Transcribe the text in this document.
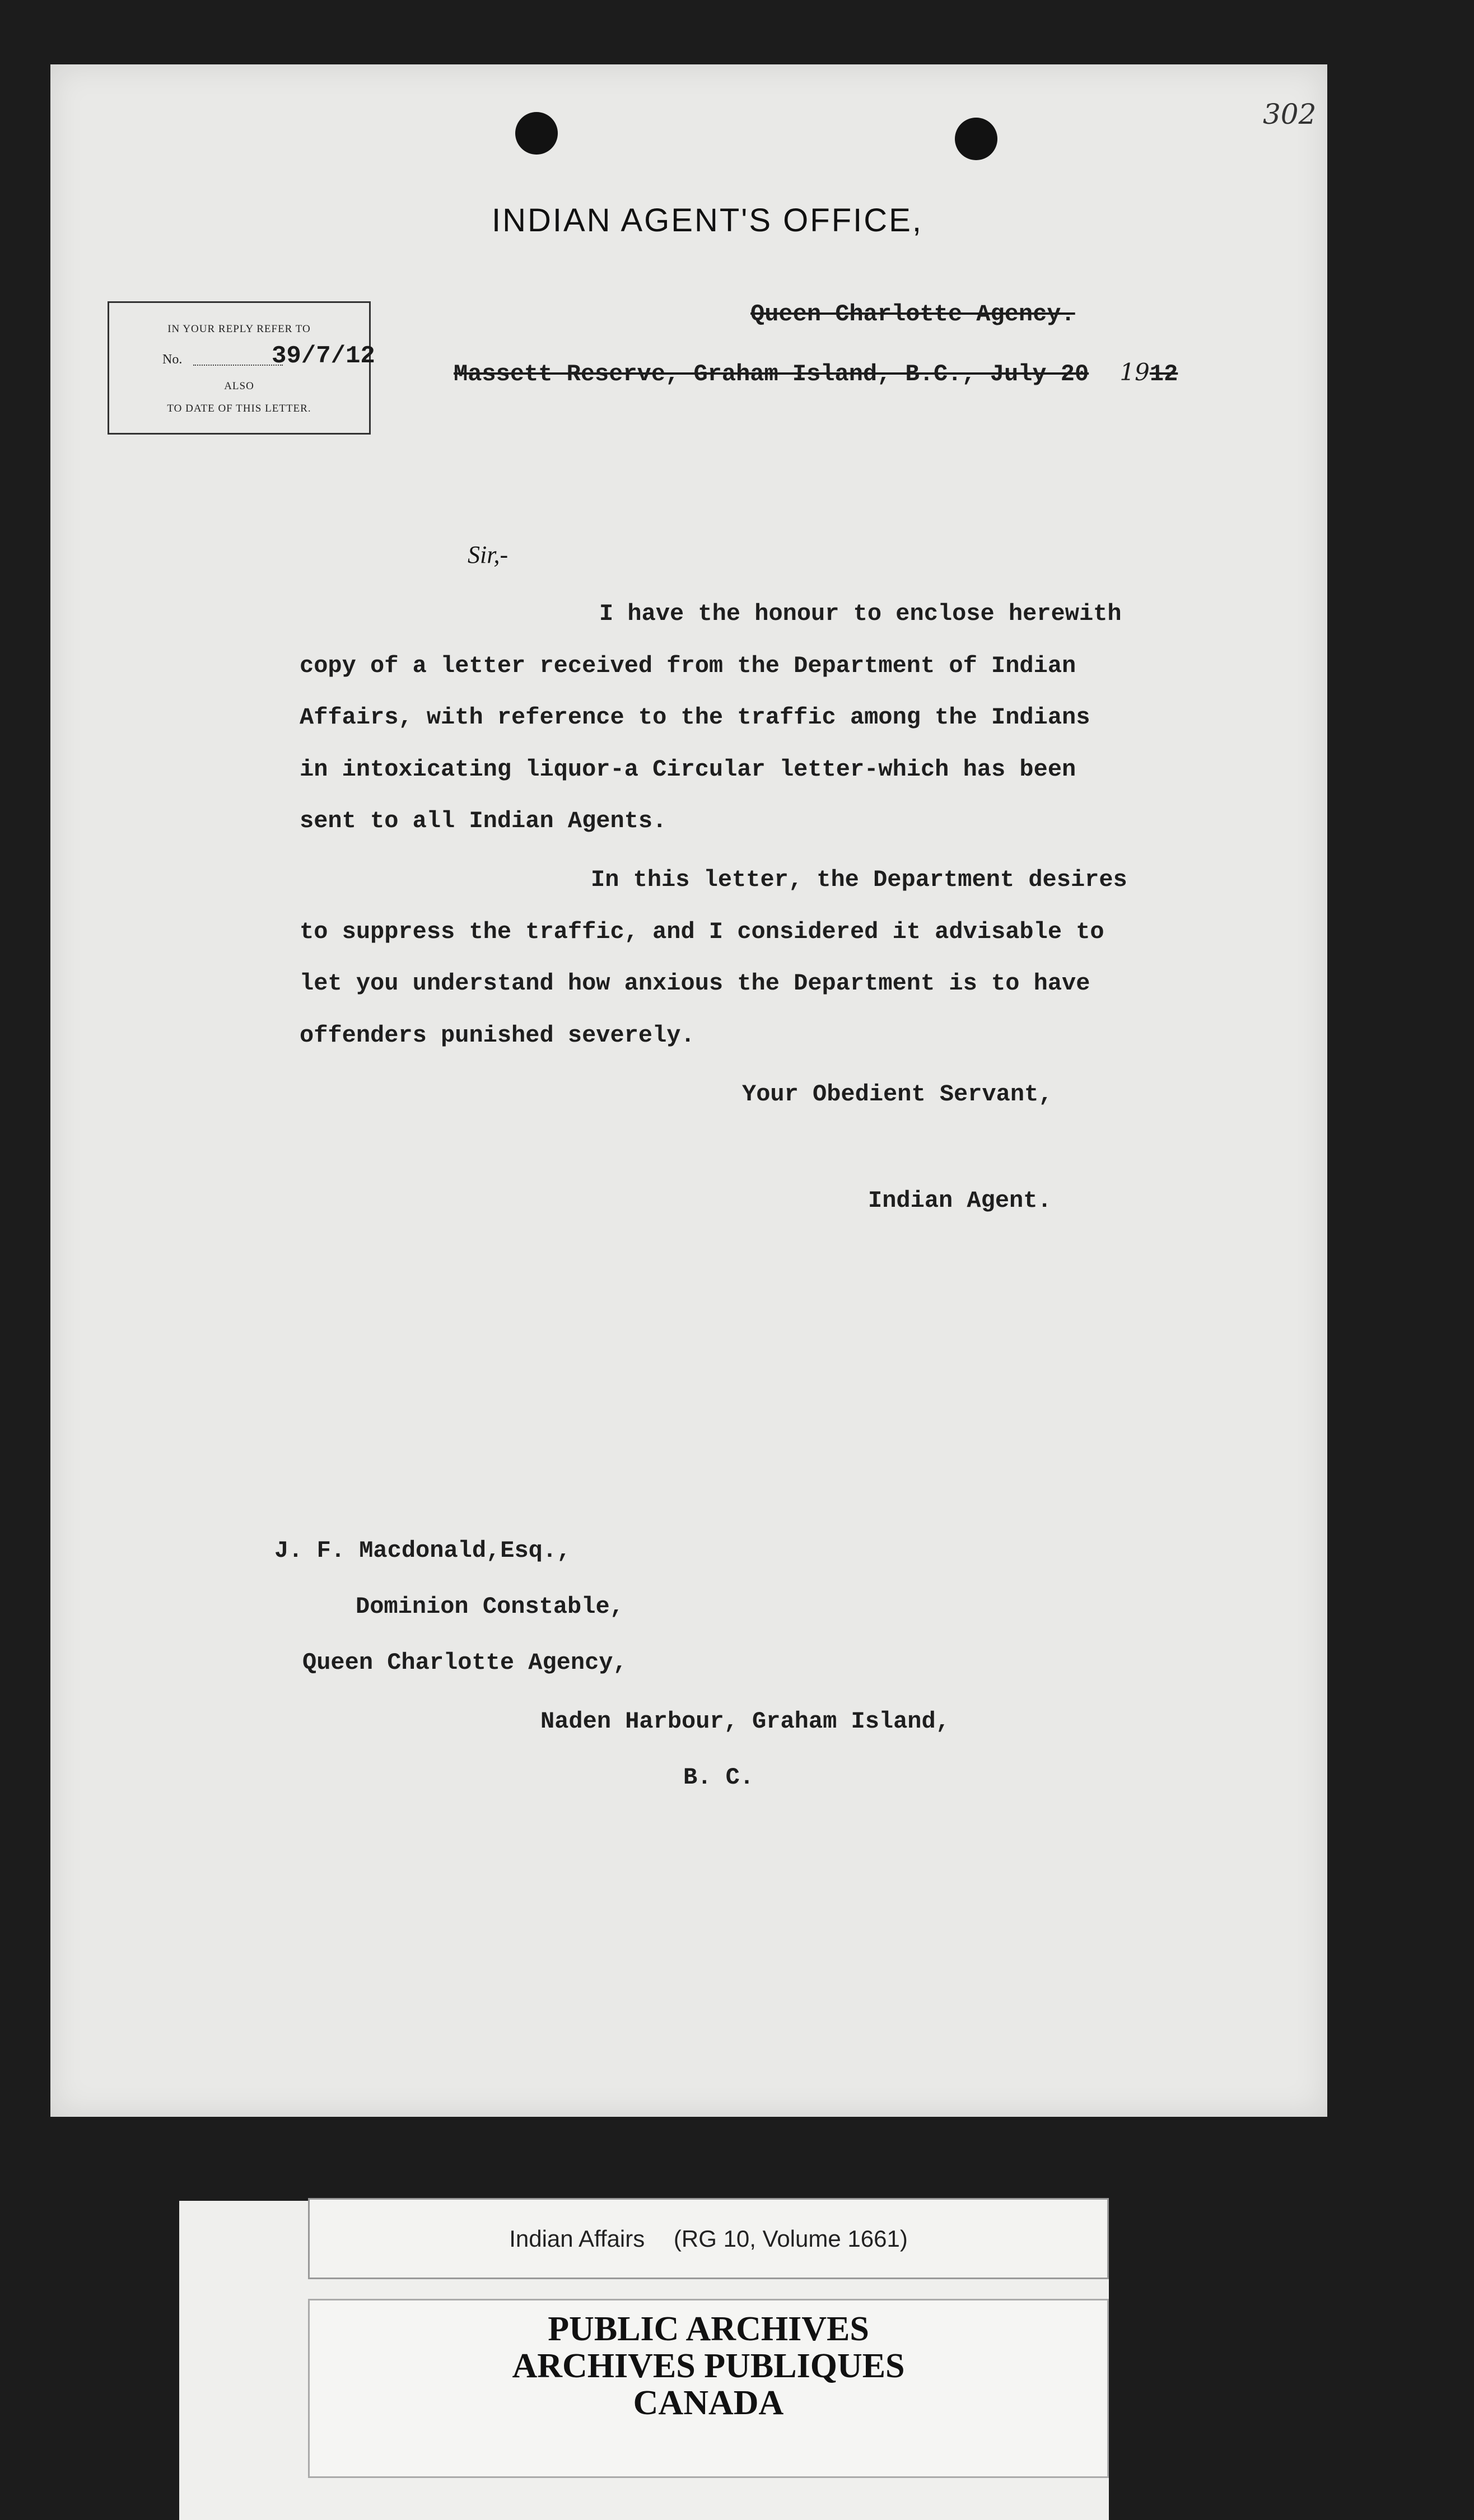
302
INDIAN AGENT'S OFFICE,
Queen Charlotte Agency.
Massett Reserve, Graham Island, B.C., July 20 1912
IN YOUR REPLY REFER TO
No.	39/7/12
ALSO
TO DATE OF THIS LETTER.
Sir,-
I have the honour to enclose herewith
copy of a letter received from the Department of Indian
Affairs, with reference to the traffic among the Indians
in intoxicating liquor-a Circular letter-which has been
sent to all Indian Agents.
In this letter, the Department desires
to suppress the traffic, and I considered it advisable to
let you understand how anxious the Department is to have
offenders punished severely.
Your Obedient Servant,
Indian Agent.
J. F. Macdonald,Esq.,
Dominion Constable,
Queen Charlotte Agency,
Naden Harbour, Graham Island,
B. C.
Indian Affairs (RG 10, Volume 1661)
PUBLIC ARCHIVES
ARCHIVES PUBLIQUES
CANADA
